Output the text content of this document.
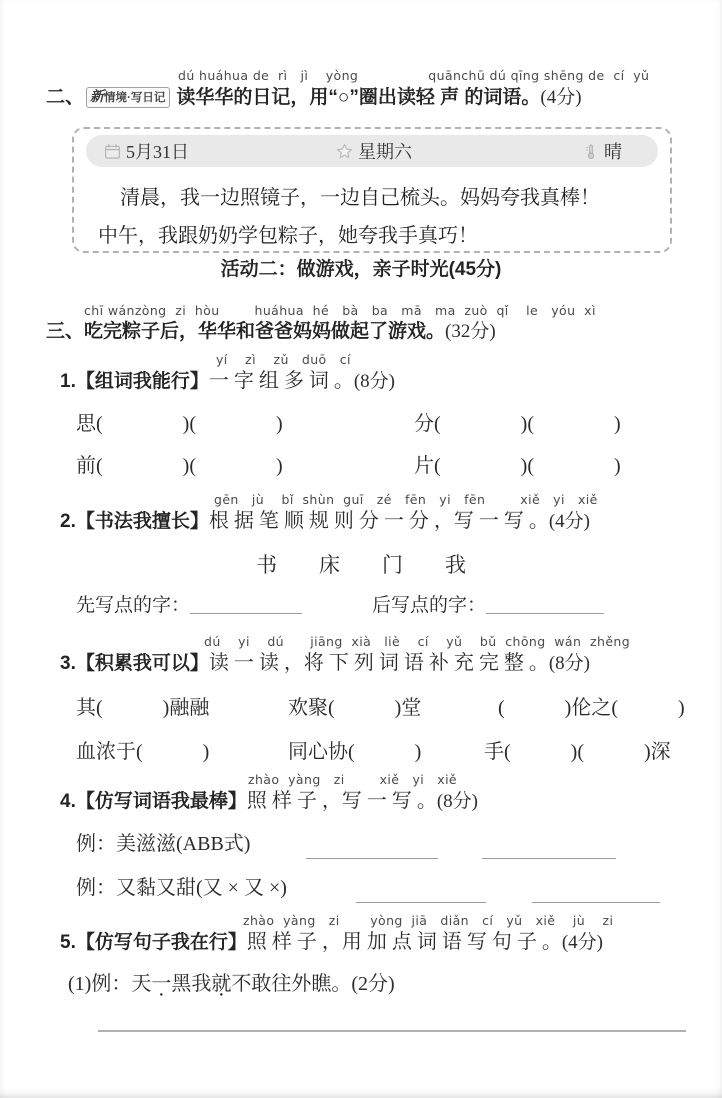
dú huáhua de  rì   jì    yòng                quānchū dú qīng shēng de  cí  yǔ
二、 新情境·写日记 读华华的日记，用“○”圈出读轻 声 的词语。(4分)
5月31日	星期六	晴
清晨，我一边照镜子，一边自己梳头。妈妈夸我真棒！
中午，我跟奶奶学包粽子，她夸我手真巧！
活动二：做游戏，亲子时光(45分)
chī wánzòng  zi  hòu        huáhua  hé   bà   ba   mā   ma  zuò  qǐ    le   yóu  xì
三、吃完粽子后，华华和爸爸妈妈做起了游戏。(32分)
yí    zì    zǔ   duō   cí
1.【组词我能行】一 字 组 多 词 。(8分)
思(　　　　)(　　　　)	分(　　　　)(　　　　)
前(　　　　)(　　　　)	片(　　　　)(　　　　)
gēn   jù    bǐ  shùn  guī   zé   fēn   yi   fēn        xiě   yi   xiě
2.【书法我擅长】根 据 笔 顺 规 则 分 一 分 ，写 一 写 。(4分)
书　　床　　门　　我
先写点的字：	后写点的字：
dú    yi    dú      jiāng  xià   liè    cí    yǔ    bǔ  chōng  wán  zhěng
3.【积累我可以】读 一 读 ，将 下 列 词 语 补 充 完 整 。(8分)
其(　　　)融融	欢聚(　　　)堂	(　　　)伦之(　　　)
血浓于(　　　)	同心协(　　　)	手(　　　)(　　　)深
zhào  yàng   zi        xiě   yi   xiě
4.【仿写词语我最棒】照 样 子 ，写 一 写 。(8分)
例：美滋滋(ABB式)
例：又黏又甜(又 × 又 ×)
zhào  yàng   zi       yòng  jiā   diǎn   cí   yǔ   xiě    jù    zi
5.【仿写句子我在行】照 样 子 ，用 加 点 词 语 写 句 子 。(4分)
(1)例：天一 ●黑我就 ●不敢往外瞧。(2分)
